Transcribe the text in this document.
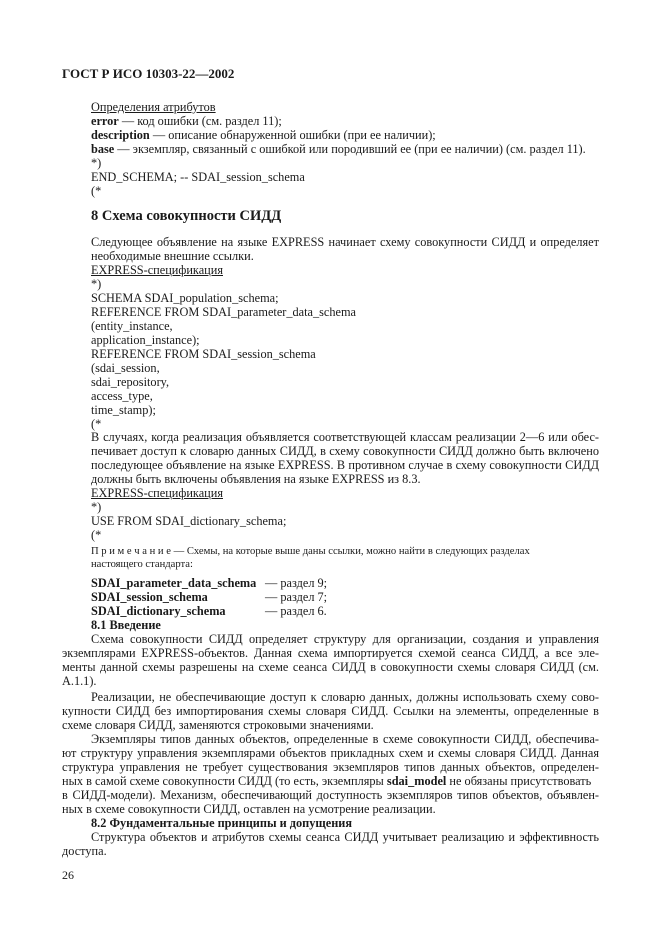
ГОСТ Р ИСО 10303-22—2002
Определения атрибутов
error — код ошибки (см. раздел 11);
description — описание обнаруженной ошибки (при ее наличии);
base — экземпляр, связанный с ошибкой или породивший ее (при ее наличии) (см. раздел 11).
*)
END_SCHEMA; -- SDAI_session_schema
(*
8 Схема совокупности СИДД
Следующее объявление на языке EXPRESS начинает схему совокупности СИДД и определяет
необходимые внешние ссылки.
EXPRESS-спецификация
*)
SCHEMA SDAI_population_schema;
REFERENCE FROM SDAI_parameter_data_schema
(entity_instance,
application_instance);
REFERENCE FROM SDAI_session_schema
(sdai_session,
sdai_repository,
access_type,
time_stamp);
(*
В случаях, когда реализация объявляется соответствующей классам реализации 2—6 или обес-
печивает доступ к словарю данных СИДД, в схему совокупности СИДД должно быть включено
последующее объявление на языке EXPRESS. В противном случае в схему совокупности СИДД
должны быть включены объявления на языке EXPRESS из 8.3.
EXPRESS-спецификация
*)
USE FROM SDAI_dictionary_schema;
(*
П р и м е ч а н и е — Схемы, на которые выше даны ссылки, можно найти в следующих разделах
настоящего стандарта:
SDAI_parameter_data_schema — раздел 9;
SDAI_session_schema	— раздел 7;
SDAI_dictionary_schema	— раздел 6.
8.1 Введение
Схема совокупности СИДД определяет структуру для организации, создания и управления
экземплярами EXPRESS-объектов. Данная схема импортируется схемой сеанса СИДД, а все эле-
менты данной схемы разрешены на схеме сеанса СИДД в совокупности схемы словаря СИДД (см.
A.1.1).
Реализации, не обеспечивающие доступ к словарю данных, должны использовать схему сово-
купности СИДД без импортирования схемы словаря СИДД. Ссылки на элементы, определенные в
схеме словаря СИДД, заменяются строковыми значениями.
Экземпляры типов данных объектов, определенные в схеме совокупности СИДД, обеспечива-
ют структуру управления экземплярами объектов прикладных схем и схемы словаря СИДД. Данная
структура управления не требует существования экземпляров типов данных объектов, определен-
ных в самой схеме совокупности СИДД (то есть, экземпляры sdai_model не обязаны присутствовать
в СИДД-модели). Механизм, обеспечивающий доступность экземпляров типов объектов, объявлен-
ных в схеме совокупности СИДД, оставлен на усмотрение реализации.
8.2 Фундаментальные принципы и допущения
Структура объектов и атрибутов схемы сеанса СИДД учитывает реализацию и эффективность
доступа.
26
